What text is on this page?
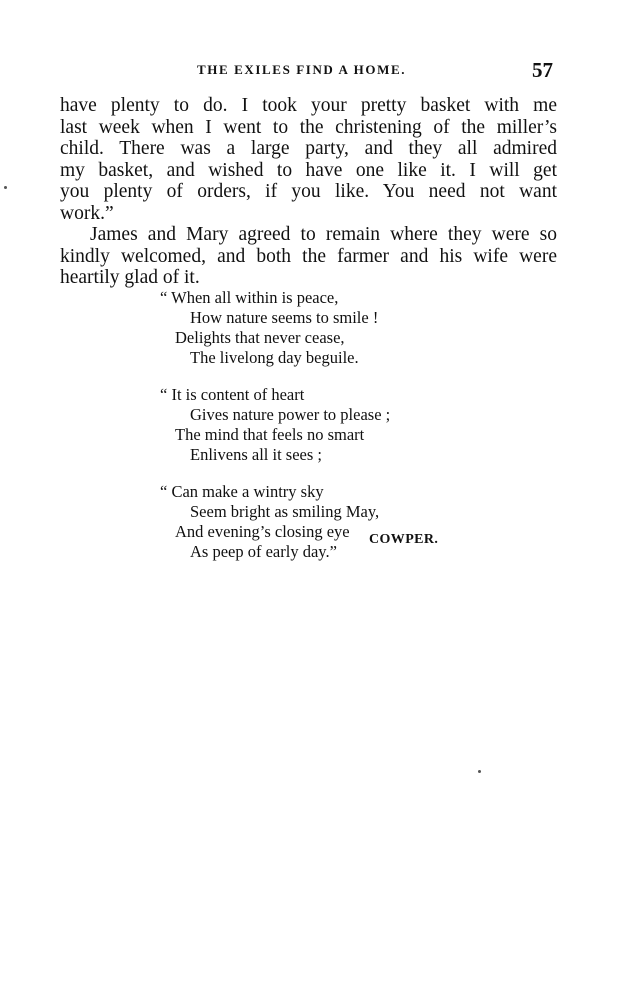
THE EXILES FIND A HOME.	57
have plenty to do. I took your pretty basket with me
last week when I went to the christening of the miller’s
child. There was a large party, and they all admired
my basket, and wished to have one like it. I will get
you plenty of orders, if you like. You need not want
work.”
James and Mary agreed to remain where they were so
kindly welcomed, and both the farmer and his wife were
heartily glad of it.
“ When all within is peace,
How nature seems to smile !
Delights that never cease,
The livelong day beguile.
“ It is content of heart
Gives nature power to please ;
The mind that feels no smart
Enlivens all it sees ;
“ Can make a wintry sky
Seem bright as smiling May,
And evening’s closing eye
As peep of early day.”
COWPER.
